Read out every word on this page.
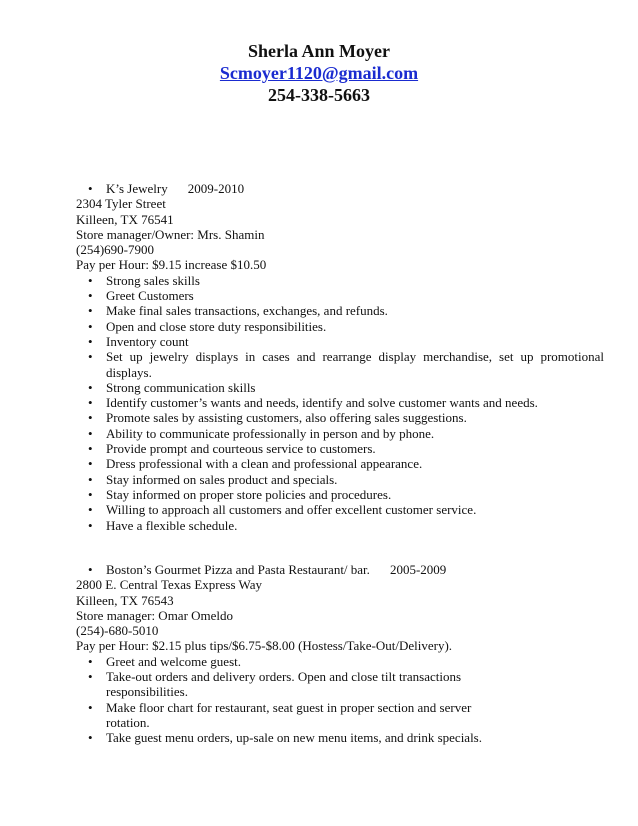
Sherla Ann Moyer
Scmoyer1120@gmail.com
254-338-5663
• K’s Jewelry 2009-2010
2304 Tyler Street
Killeen, TX 76541
Store manager/Owner: Mrs. Shamin
(254)690-7900
Pay per Hour: $9.15 increase $10.50
• Strong sales skills
• Greet Customers
• Make final sales transactions, exchanges, and refunds.
• Open and close store duty responsibilities.
• Inventory count
• Set up jewelry displays in cases and rearrange display merchandise, set up promotional displays.
• Strong communication skills
• Identify customer’s wants and needs, identify and solve customer wants and needs.
• Promote sales by assisting customers, also offering sales suggestions.
• Ability to communicate professionally in person and by phone.
• Provide prompt and courteous service to customers.
• Dress professional with a clean and professional appearance.
• Stay informed on sales product and specials.
• Stay informed on proper store policies and procedures.
• Willing to approach all customers and offer excellent customer service.
• Have a flexible schedule.
• Boston’s Gourmet Pizza and Pasta Restaurant/ bar. 2005-2009
2800 E. Central Texas Express Way
Killeen, TX 76543
Store manager: Omar Omeldo
(254)-680-5010
Pay per Hour: $2.15 plus tips/$6.75-$8.00 (Hostess/Take-Out/Delivery).
• Greet and welcome guest.
• Take-out orders and delivery orders. Open and close tilt transactions responsibilities.
• Make floor chart for restaurant, seat guest in proper section and server rotation.
• Take guest menu orders, up-sale on new menu items, and drink specials.
